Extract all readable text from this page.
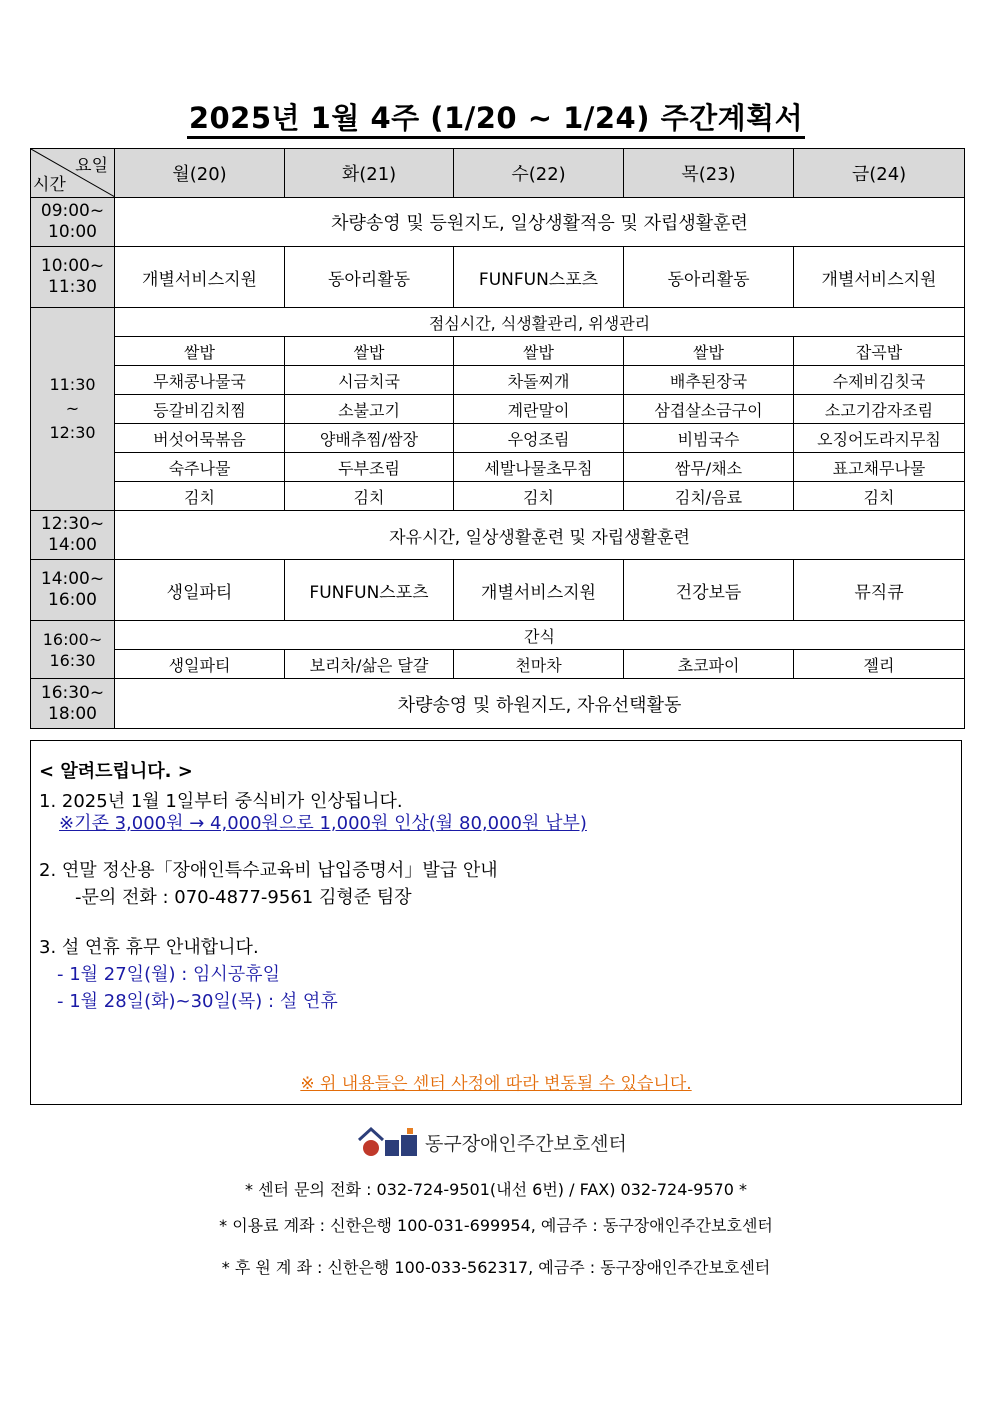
2025년 1월 4주 (1/20 ~ 1/24) 주간계획서
요일
시간	월(20)	화(21)	수(22)	목(23)	금(24)
09:00~
10:00	차량송영 및 등원지도, 일상생활적응 및 자립생활훈련				
10:00~
11:30	개별서비스지원	동아리활동	FUNFUN스포츠	동아리활동	개별서비스지원
11:30
~
12:30	점심시간, 식생활관리, 위생관리				
	쌀밥	쌀밥	쌀밥	쌀밥	잡곡밥
	무채콩나물국	시금치국	차돌찌개	배추된장국	수제비김칫국
	등갈비김치찜	소불고기	계란말이	삼겹살소금구이	소고기감자조림
	버섯어묵볶음	양배추찜/쌈장	우엉조림	비빔국수	오징어도라지무침
	숙주나물	두부조림	세발나물초무침	쌈무/채소	표고채무나물
	김치	김치	김치	김치/음료	김치
12:30~
14:00	자유시간, 일상생활훈련 및 자립생활훈련				
14:00~
16:00	생일파티	FUNFUN스포츠	개별서비스지원	건강보듬	뮤직큐
16:00~
16:30	간식				
	생일파티	보리차/삶은 달걀	천마차	초코파이	젤리
16:30~
18:00	차량송영 및 하원지도, 자유선택활동				
< 알려드립니다. >
1. 2025년 1월 1일부터 중식비가 인상됩니다.
※기존 3,000원 → 4,000원으로 1,000원 인상(월 80,000원 납부)
2. 연말 정산용「장애인특수교육비 납입증명서」발급 안내
-문의 전화 : 070-4877-9561 김형준 팀장
3. 설 연휴 휴무 안내합니다.
- 1월 27일(월) : 임시공휴일
- 1월 28일(화)~30일(목) : 설 연휴
※ 위 내용들은 센터 사정에 따라 변동될 수 있습니다.
동구장애인주간보호센터
* 센터 문의 전화 : 032-724-9501(내선 6번) / FAX) 032-724-9570 *
* 이용료 계좌 : 신한은행 100-031-699954, 예금주 : 동구장애인주간보호센터
* 후 원 계 좌 : 신한은행 100-033-562317, 예금주 : 동구장애인주간보호센터
